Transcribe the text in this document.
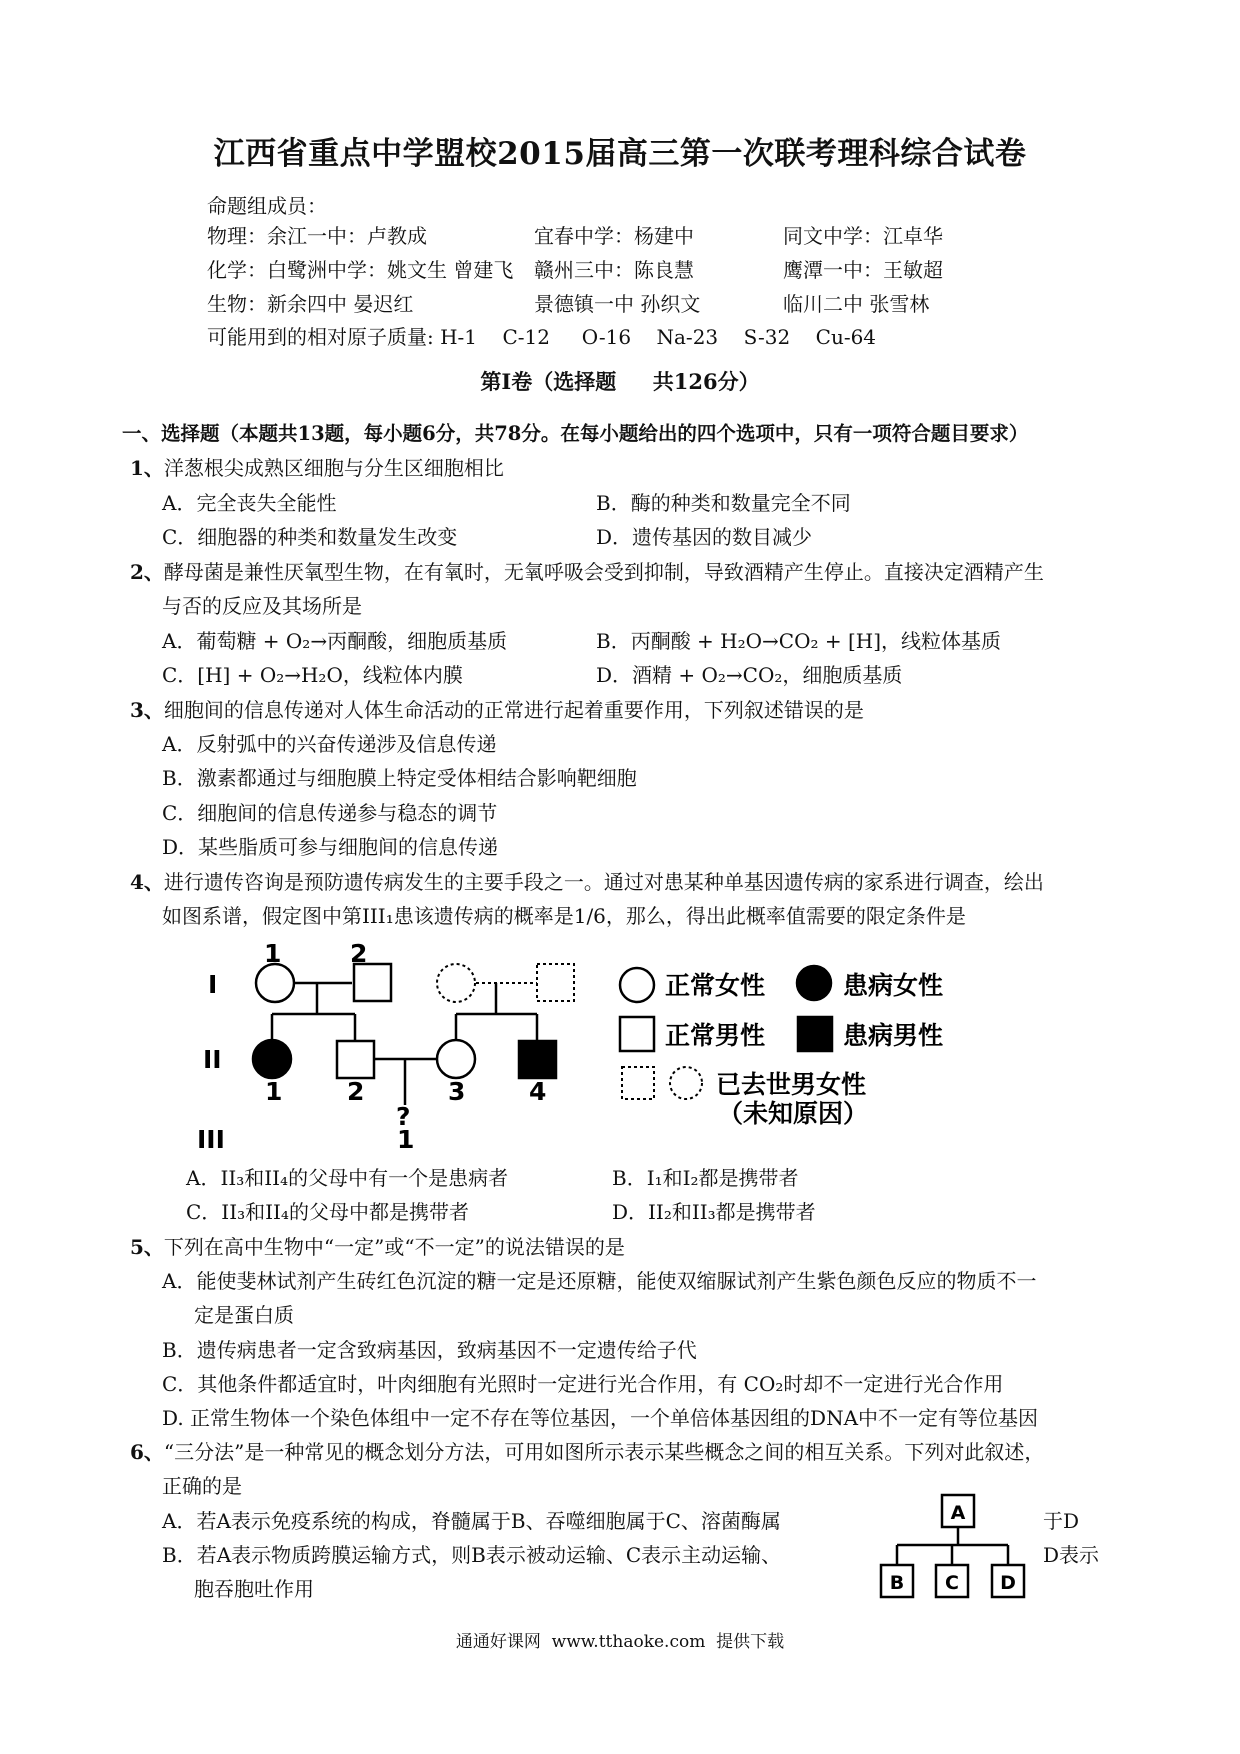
江西省重点中学盟校2015届高三第一次联考理科综合试卷
命题组成员：
物理：余江一中：卢教成	宜春中学：杨建中	同文中学：江卓华
化学：白鹭洲中学：姚文生 曾建飞 赣州三中：陈良慧	鹰潭一中：王敏超
生物：新余四中 晏迟红	景德镇一中 孙织文	临川二中 张雪林
可能用到的相对原子质量: H-1    C-12     O-16    Na-23    S-32    Cu-64
第I卷（选择题     共126分）
一、选择题（本题共13题，每小题6分，共78分。在每小题给出的四个选项中，只有一项符合题目要求）
1、洋葱根尖成熟区细胞与分生区细胞相比
A．完全丧失全能性	B．酶的种类和数量完全不同
C．细胞器的种类和数量发生改变	D．遗传基因的数目减少
2、酵母菌是兼性厌氧型生物，在有氧时，无氧呼吸会受到抑制，导致酒精产生停止。直接决定酒精产生
与否的反应及其场所是
A．葡萄糖 + O₂→丙酮酸，细胞质基质	B．丙酮酸 + H₂O→CO₂ + [H]，线粒体基质
C．[H] + O₂→H₂O，线粒体内膜	D．酒精 + O₂→CO₂，细胞质基质
3、细胞间的信息传递对人体生命活动的正常进行起着重要作用，下列叙述错误的是
A．反射弧中的兴奋传递涉及信息传递
B．激素都通过与细胞膜上特定受体相结合影响靶细胞
C．细胞间的信息传递参与稳态的调节
D．某些脂质可参与细胞间的信息传递
4、进行遗传咨询是预防遗传病发生的主要手段之一。通过对患某种单基因遗传病的家系进行调查，绘出
如图系谱，假定图中第III₁患该遗传病的概率是1/6，那么，得出此概率值需要的限定条件是
I
II
III
1	2
1	2	3	4
?
1
正常女性	患病女性
正常男性	患病男性
已去世男女性
（未知原因）
A．II₃和II₄的父母中有一个是患病者	B．I₁和I₂都是携带者
C．II₃和II₄的父母中都是携带者	D．II₂和II₃都是携带者
5、下列在高中生物中“一定”或“不一定”的说法错误的是
A．能使斐林试剂产生砖红色沉淀的糖一定是还原糖，能使双缩脲试剂产生紫色颜色反应的物质不一
定是蛋白质
B．遗传病患者一定含致病基因，致病基因不一定遗传给子代
C．其他条件都适宜时，叶肉细胞有光照时一定进行光合作用，有 CO₂时却不一定进行光合作用
D. 正常生物体一个染色体组中一定不存在等位基因，一个单倍体基因组的DNA中不一定有等位基因
6、“三分法”是一种常见的概念划分方法，可用如图所示表示某些概念之间的相互关系。下列对此叙述，
正确的是
A．若A表示免疫系统的构成，脊髓属于B、吞噬细胞属于C、溶菌酶属	于D
B．若A表示物质跨膜运输方式，则B表示被动运输、C表示主动运输、	D表示
胞吞胞吐作用
A
B C D
通通好课网  www.tthaoke.com  提供下载
